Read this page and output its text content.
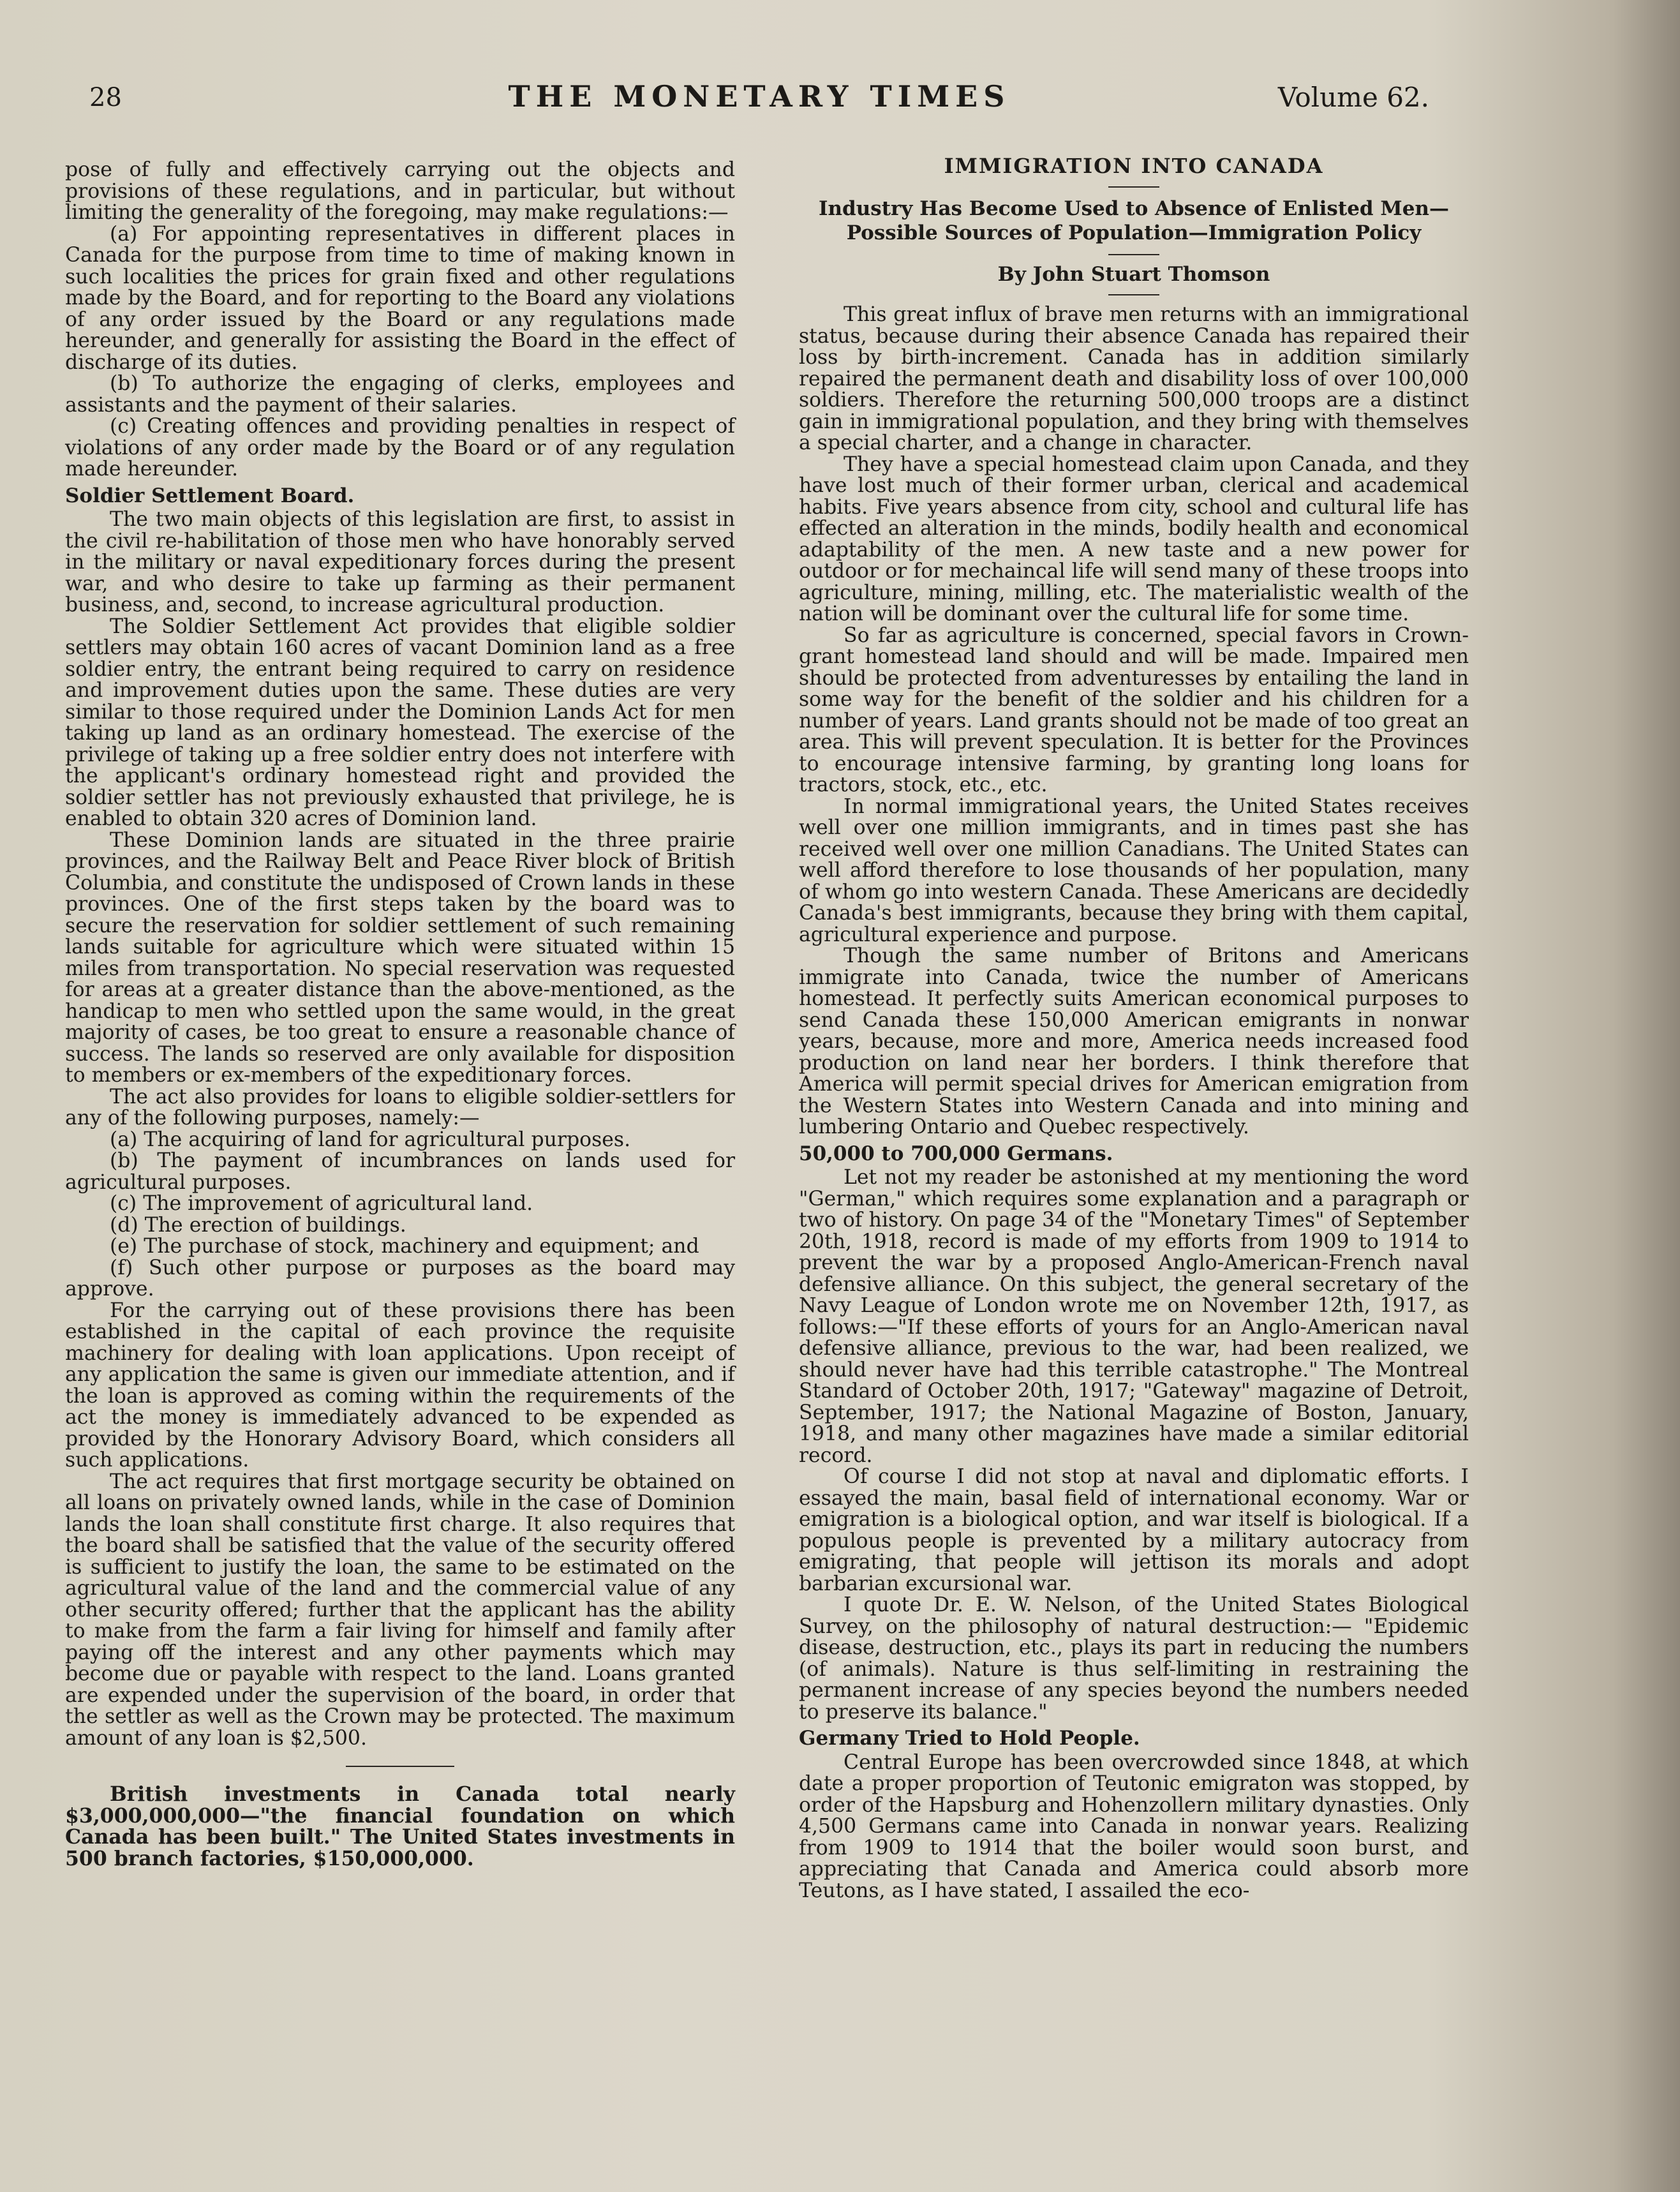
28	THE MONETARY TIMES	Volume 62.

pose of fully and effectively carrying out the objects and provisions of these regulations, and in particular, but without limiting the generality of the foregoing, may make regulations:—

(a) For appointing representatives in different places in Canada for the purpose from time to time of making known in such localities the prices for grain fixed and other regulations made by the Board, and for reporting to the Board any violations of any order issued by the Board or any regulations made hereunder, and generally for assisting the Board in the effect of discharge of its duties.

(b) To authorize the engaging of clerks, employees and assistants and the payment of their salaries.

(c) Creating offences and providing penalties in respect of violations of any order made by the Board or of any regulation made hereunder.

Soldier Settlement Board.

The two main objects of this legislation are first, to assist in the civil re-habilitation of those men who have honorably served in the military or naval expeditionary forces during the present war, and who desire to take up farming as their permanent business, and, second, to increase agricultural production.

The Soldier Settlement Act provides that eligible soldier settlers may obtain 160 acres of vacant Dominion land as a free soldier entry, the entrant being required to carry on residence and improvement duties upon the same. These duties are very similar to those required under the Dominion Lands Act for men taking up land as an ordinary homestead. The exercise of the privilege of taking up a free soldier entry does not interfere with the applicant's ordinary homestead right and provided the soldier settler has not previously exhausted that privilege, he is enabled to obtain 320 acres of Dominion land.

These Dominion lands are situated in the three prairie provinces, and the Railway Belt and Peace River block of British Columbia, and constitute the undisposed of Crown lands in these provinces. One of the first steps taken by the board was to secure the reservation for soldier settlement of such remaining lands suitable for agriculture which were situated within 15 miles from transportation. No special reservation was requested for areas at a greater distance than the above-mentioned, as the handicap to men who settled upon the same would, in the great majority of cases, be too great to ensure a reasonable chance of success. The lands so reserved are only available for disposition to members or ex-members of the expeditionary forces.

The act also provides for loans to eligible soldier-settlers for any of the following purposes, namely:—

(a) The acquiring of land for agricultural purposes.

(b) The payment of incumbrances on lands used for agricultural purposes.

(c) The improvement of agricultural land.

(d) The erection of buildings.

(e) The purchase of stock, machinery and equipment; and

(f) Such other purpose or purposes as the board may approve.

For the carrying out of these provisions there has been established in the capital of each province the requisite machinery for dealing with loan applications. Upon receipt of any application the same is given our immediate attention, and if the loan is approved as coming within the requirements of the act the money is immediately advanced to be expended as provided by the Honorary Advisory Board, which considers all such applications.

The act requires that first mortgage security be obtained on all loans on privately owned lands, while in the case of Dominion lands the loan shall constitute first charge. It also requires that the board shall be satisfied that the value of the security offered is sufficient to justify the loan, the same to be estimated on the agricultural value of the land and the commercial value of any other security offered; further that the applicant has the ability to make from the farm a fair living for himself and family after paying off the interest and any other payments which may become due or payable with respect to the land. Loans granted are expended under the supervision of the board, in order that the settler as well as the Crown may be protected. The maximum amount of any loan is $2,500.

British investments in Canada total nearly $3,000,000,000—"the financial foundation on which Canada has been built." The United States investments in 500 branch factories, $150,000,000.

IMMIGRATION INTO CANADA
Industry Has Become Used to Absence of Enlisted Men— Possible Sources of Population—Immigration Policy
By John Stuart Thomson

This great influx of brave men returns with an immigrational status, because during their absence Canada has repaired their loss by birth-increment. Canada has in addition similarly repaired the permanent death and disability loss of over 100,000 soldiers. Therefore the returning 500,000 troops are a distinct gain in immigrational population, and they bring with themselves a special charter, and a change in character.

They have a special homestead claim upon Canada, and they have lost much of their former urban, clerical and academical habits. Five years absence from city, school and cultural life has effected an alteration in the minds, bodily health and economical adaptability of the men. A new taste and a new power for outdoor or for mechaincal life will send many of these troops into agriculture, mining, milling, etc. The materialistic wealth of the nation will be dominant over the cultural life for some time.

So far as agriculture is concerned, special favors in Crown-grant homestead land should and will be made. Impaired men should be protected from adventuresses by entailing the land in some way for the benefit of the soldier and his children for a number of years. Land grants should not be made of too great an area. This will prevent speculation. It is better for the Provinces to encourage intensive farming, by granting long loans for tractors, stock, etc., etc.

In normal immigrational years, the United States receives well over one million immigrants, and in times past she has received well over one million Canadians. The United States can well afford therefore to lose thousands of her population, many of whom go into western Canada. These Americans are decidedly Canada's best immigrants, because they bring with them capital, agricultural experience and purpose.

Though the same number of Britons and Americans immigrate into Canada, twice the number of Americans homestead. It perfectly suits American economical purposes to send Canada these 150,000 American emigrants in nonwar years, because, more and more, America needs increased food production on land near her borders. I think therefore that America will permit special drives for American emigration from the Western States into Western Canada and into mining and lumbering Ontario and Quebec respectively.

50,000 to 700,000 Germans.

Let not my reader be astonished at my mentioning the word "German," which requires some explanation and a paragraph or two of history. On page 34 of the "Monetary Times" of September 20th, 1918, record is made of my efforts from 1909 to 1914 to prevent the war by a proposed Anglo-American-French naval defensive alliance. On this subject, the general secretary of the Navy League of London wrote me on November 12th, 1917, as follows:—"If these efforts of yours for an Anglo-American naval defensive alliance, previous to the war, had been realized, we should never have had this terrible catastrophe." The Montreal Standard of October 20th, 1917; "Gateway" magazine of Detroit, September, 1917; the National Magazine of Boston, January, 1918, and many other magazines have made a similar editorial record.

Of course I did not stop at naval and diplomatic efforts. I essayed the main, basal field of international economy. War or emigration is a biological option, and war itself is biological. If a populous people is prevented by a military autocracy from emigrating, that people will jettison its morals and adopt barbarian excursional war.

I quote Dr. E. W. Nelson, of the United States Biological Survey, on the philosophy of natural destruction:— "Epidemic disease, destruction, etc., plays its part in reducing the numbers (of animals). Nature is thus self-limiting in restraining the permanent increase of any species beyond the numbers needed to preserve its balance."

Germany Tried to Hold People.

Central Europe has been overcrowded since 1848, at which date a proper proportion of Teutonic emigraton was stopped, by order of the Hapsburg and Hohenzollern military dynasties. Only 4,500 Germans came into Canada in nonwar years. Realizing from 1909 to 1914 that the boiler would soon burst, and appreciating that Canada and America could absorb more Teutons, as I have stated, I assailed the eco-
